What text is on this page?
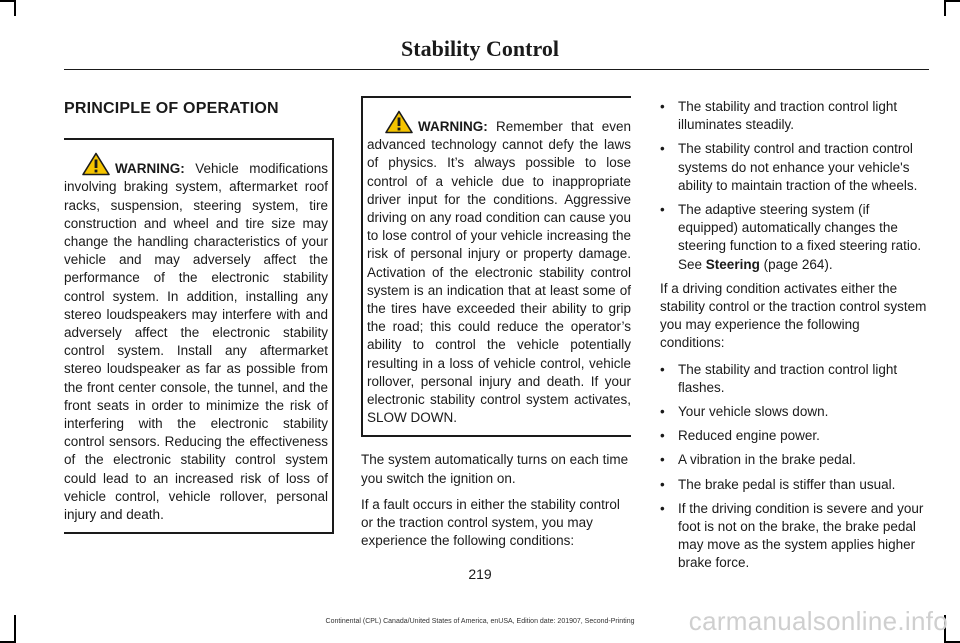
Stability Control
PRINCIPLE OF OPERATION
WARNING: Vehicle modifications involving braking system, aftermarket roof racks, suspension, steering system, tire construction and wheel and tire size may change the handling characteristics of your vehicle and may adversely affect the performance of the electronic stability control system. In addition, installing any stereo loudspeakers may interfere with and adversely affect the electronic stability control system. Install any aftermarket stereo loudspeaker as far as possible from the front center console, the tunnel, and the front seats in order to minimize the risk of interfering with the electronic stability control sensors. Reducing the effectiveness of the electronic stability control system could lead to an increased risk of loss of vehicle control, vehicle rollover, personal injury and death.
WARNING: Remember that even advanced technology cannot defy the laws of physics. It’s always possible to lose control of a vehicle due to inappropriate driver input for the conditions. Aggressive driving on any road condition can cause you to lose control of your vehicle increasing the risk of personal injury or property damage. Activation of the electronic stability control system is an indication that at least some of the tires have exceeded their ability to grip the road; this could reduce the operator’s ability to control the vehicle potentially resulting in a loss of vehicle control, vehicle rollover, personal injury and death. If your electronic stability control system activates, SLOW DOWN.

The system automatically turns on each time you switch the ignition on.

If a fault occurs in either the stability control or the traction control system, you may experience the following conditions:

• The stability and traction control light illuminates steadily.
• The stability control and traction control systems do not enhance your vehicle's ability to maintain traction of the wheels.
• The adaptive steering system (if equipped) automatically changes the steering function to a fixed steering ratio. See Steering (page 264).
If a driving condition activates either the stability control or the traction control system you may experience the following conditions:
• The stability and traction control light flashes.
• Your vehicle slows down.
• Reduced engine power.
• A vibration in the brake pedal.
• The brake pedal is stiffer than usual.
• If the driving condition is severe and your foot is not on the brake, the brake pedal may move as the system applies higher brake force.
219
Continental (CPL) Canada/United States of America, enUSA, Edition date: 201907, Second-Printing	carmanualsonline.info
